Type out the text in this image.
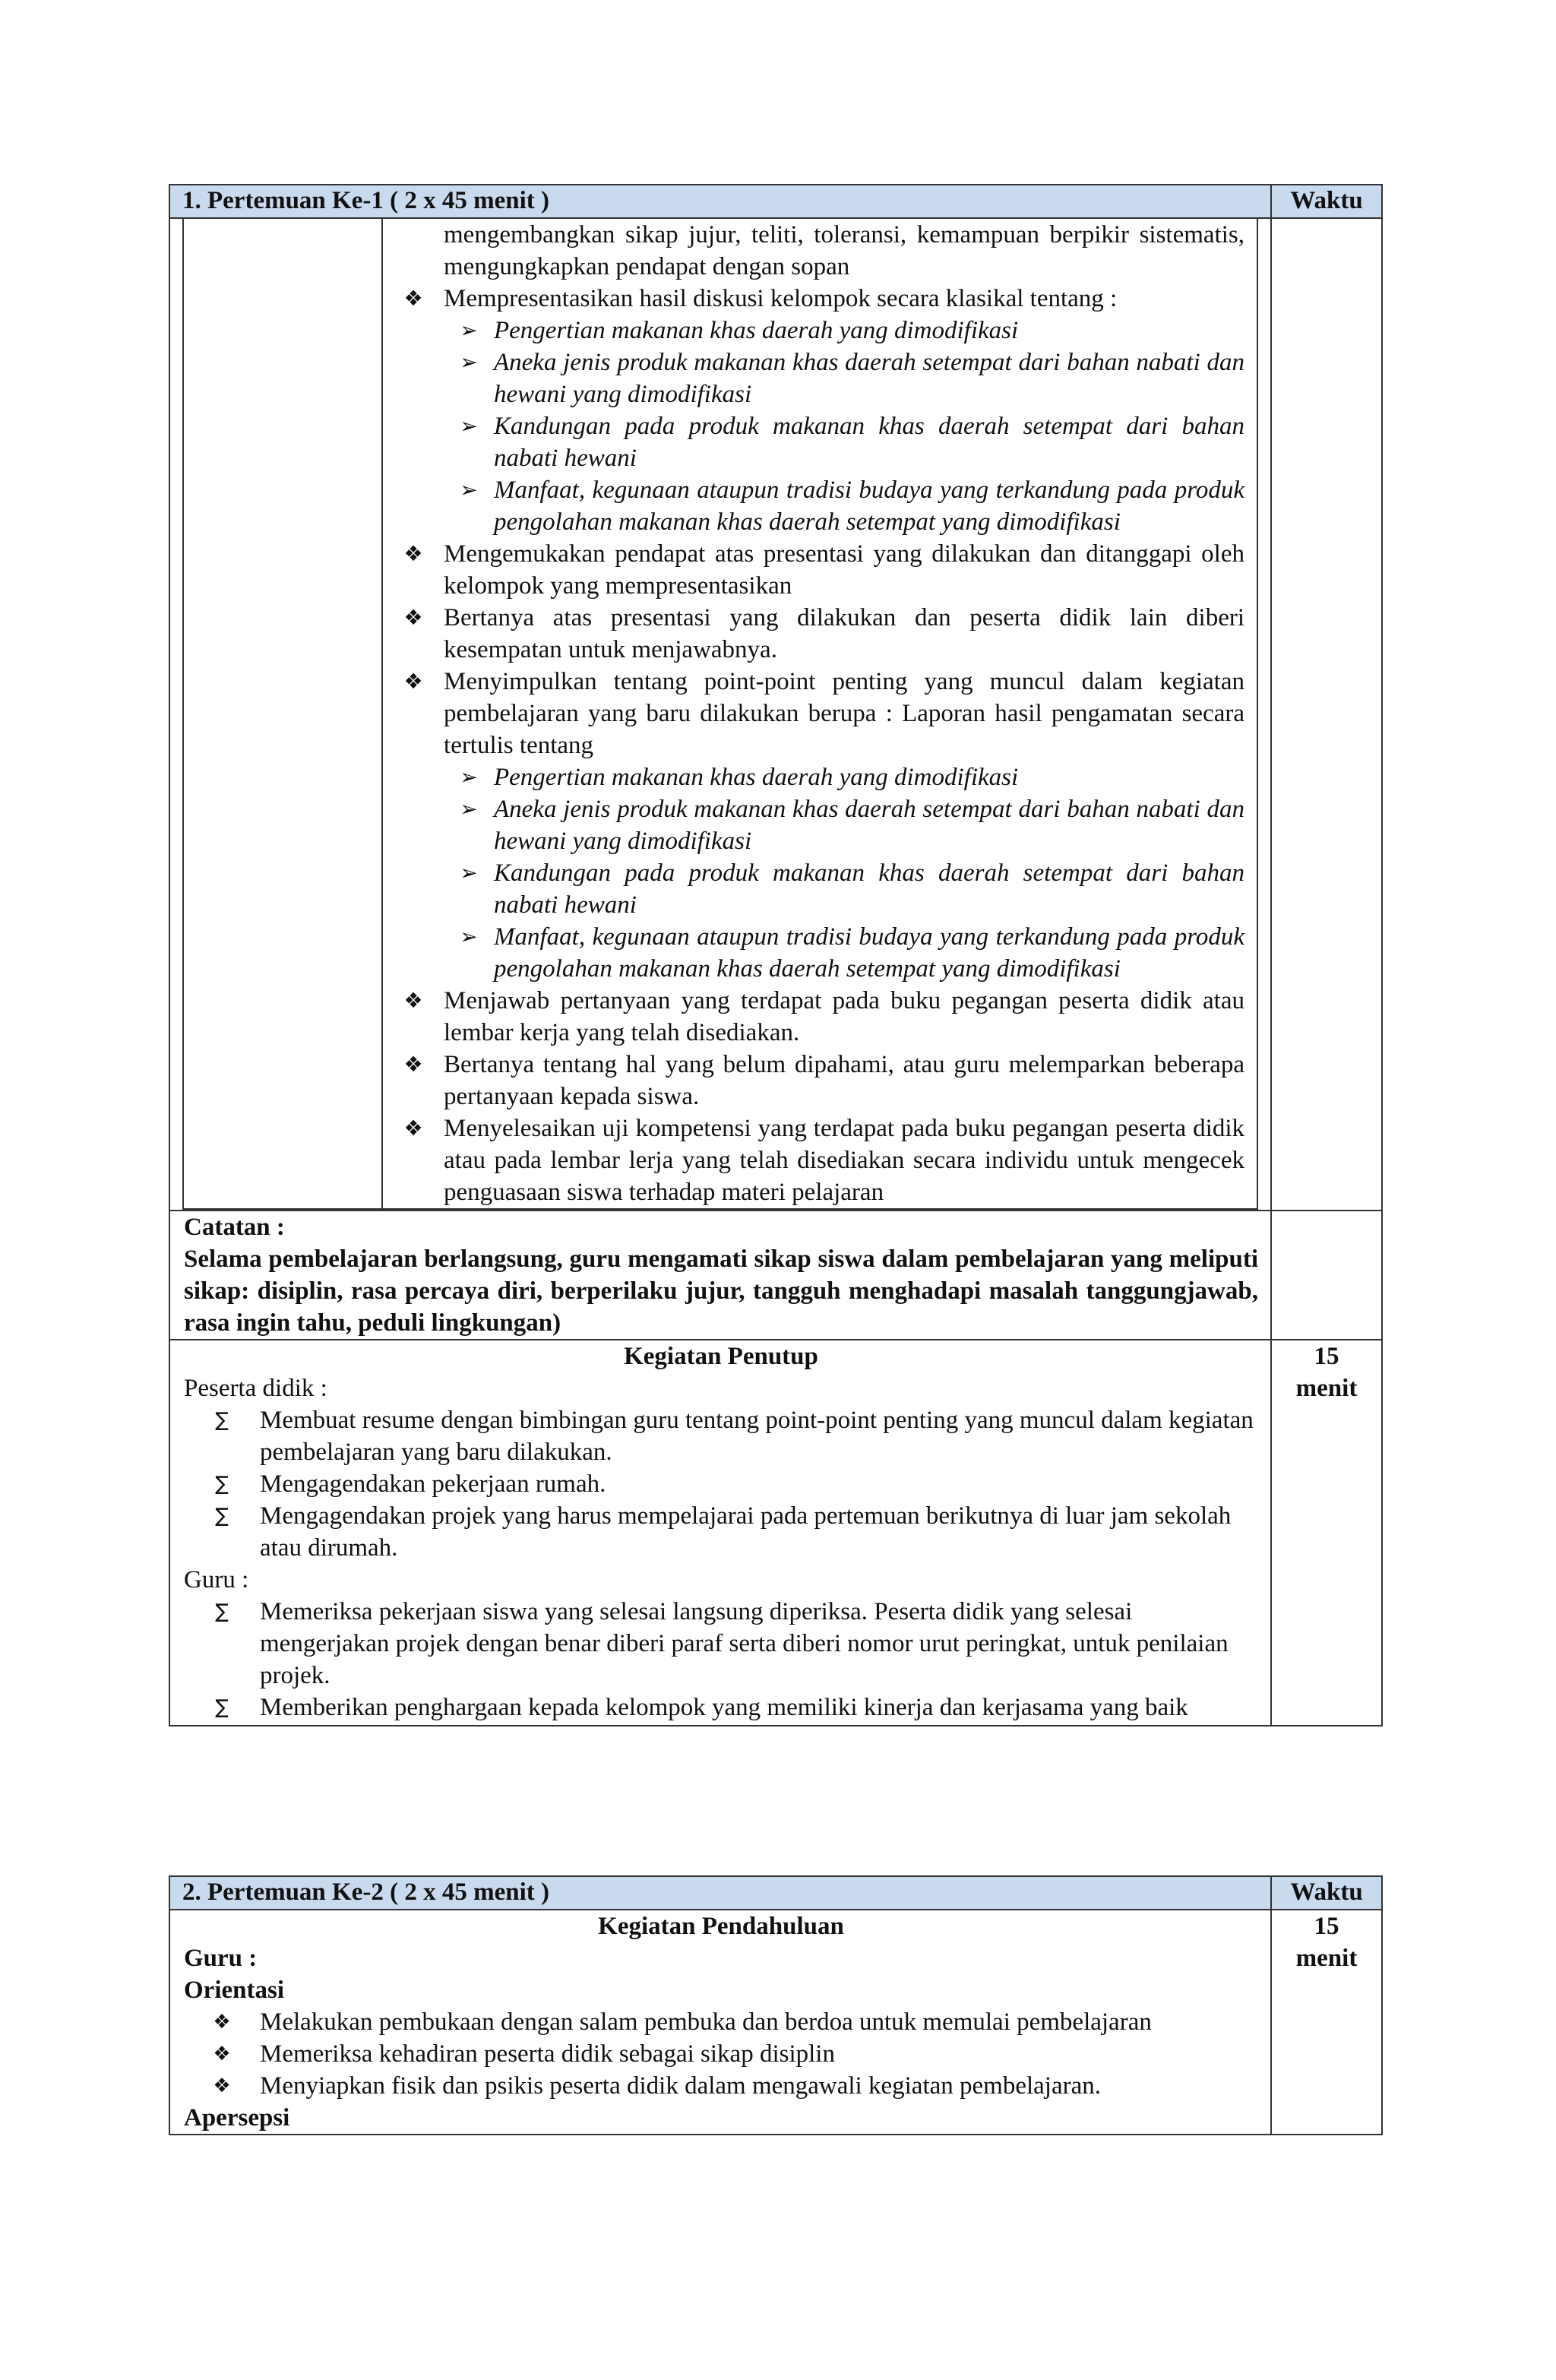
1. Pertemuan Ke-1 ( 2 x 45 menit )	Waktu
mengembangkan sikap jujur, teliti, toleransi, kemampuan berpikir sistematis, mengungkapkan pendapat dengan sopan
❖ Mempresentasikan hasil diskusi kelompok secara klasikal tentang :
➢ Pengertian makanan khas daerah yang dimodifikasi
➢ Aneka jenis produk makanan khas daerah setempat dari bahan nabati dan hewani yang dimodifikasi
➢ Kandungan pada produk makanan khas daerah setempat dari bahan nabati hewani
➢ Manfaat, kegunaan ataupun tradisi budaya yang terkandung pada produk pengolahan makanan khas daerah setempat yang dimodifikasi
❖ Mengemukakan pendapat atas presentasi yang dilakukan dan ditanggapi oleh kelompok yang mempresentasikan
❖ Bertanya atas presentasi yang dilakukan dan peserta didik lain diberi kesempatan untuk menjawabnya.
❖ Menyimpulkan tentang point-point penting yang muncul dalam kegiatan pembelajaran yang baru dilakukan berupa : Laporan hasil pengamatan secara tertulis tentang
➢ Pengertian makanan khas daerah yang dimodifikasi
➢ Aneka jenis produk makanan khas daerah setempat dari bahan nabati dan hewani yang dimodifikasi
➢ Kandungan pada produk makanan khas daerah setempat dari bahan nabati hewani
➢ Manfaat, kegunaan ataupun tradisi budaya yang terkandung pada produk pengolahan makanan khas daerah setempat yang dimodifikasi
❖ Menjawab pertanyaan yang terdapat pada buku pegangan peserta didik atau lembar kerja yang telah disediakan.
❖ Bertanya tentang hal yang belum dipahami, atau guru melemparkan beberapa pertanyaan kepada siswa.
❖ Menyelesaikan uji kompetensi yang terdapat pada buku pegangan peserta didik atau pada lembar lerja yang telah disediakan secara individu untuk mengecek penguasaan siswa terhadap materi pelajaran
Catatan :
Selama pembelajaran berlangsung, guru mengamati sikap siswa dalam pembelajaran yang meliputi sikap: disiplin, rasa percaya diri, berperilaku jujur, tangguh menghadapi masalah tanggungjawab, rasa ingin tahu, peduli lingkungan)
Kegiatan Penutup
Peserta didik :
∑	Membuat resume dengan bimbingan guru tentang point-point penting yang muncul dalam kegiatan pembelajaran yang baru dilakukan.
∑	Mengagendakan pekerjaan rumah.
∑	Mengagendakan projek yang harus mempelajarai pada pertemuan berikutnya di luar jam sekolah atau dirumah.
Guru :
∑	Memeriksa pekerjaan siswa yang selesai langsung diperiksa. Peserta didik yang selesai mengerjakan projek dengan benar diberi paraf serta diberi nomor urut peringkat, untuk penilaian projek.
∑	Memberikan penghargaan kepada kelompok yang memiliki kinerja dan kerjasama yang baik
15
menit
2. Pertemuan Ke-2 ( 2 x 45 menit )	Waktu
Kegiatan Pendahuluan
Guru :
Orientasi
❖	Melakukan pembukaan dengan salam pembuka dan berdoa untuk memulai pembelajaran
❖	Memeriksa kehadiran peserta didik sebagai sikap disiplin
❖	Menyiapkan fisik dan psikis peserta didik dalam mengawali kegiatan pembelajaran.
Apersepsi
15
menit
